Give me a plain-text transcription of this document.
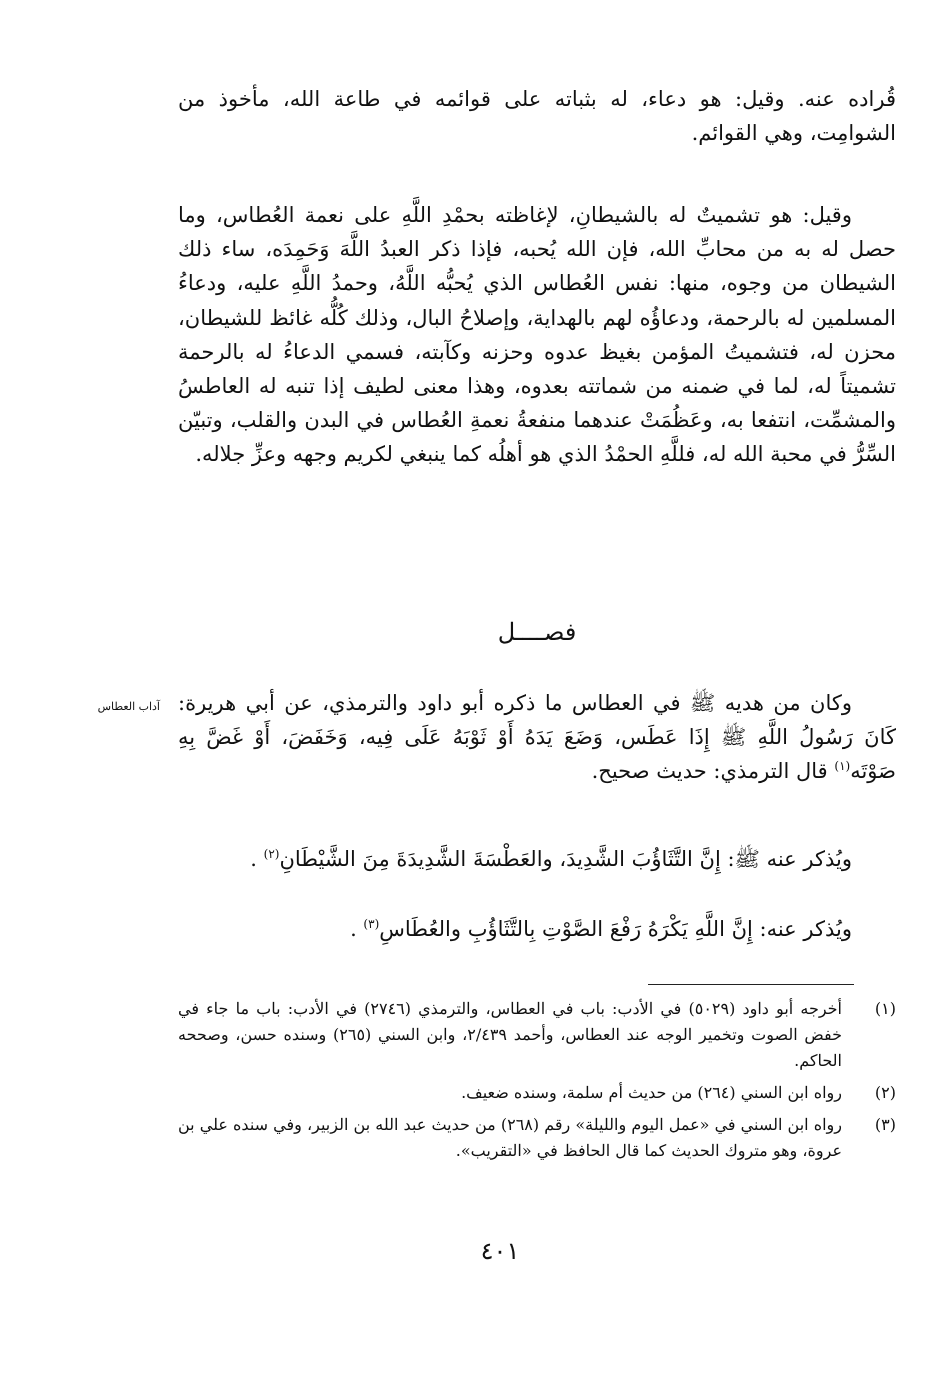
قُراده عنه. وقيل: هو دعاء، له بثباته على قوائمه في طاعة الله، مأخوذ من الشوامِت، وهي القوائم.

وقيل: هو تشميتٌ له بالشيطانِ، لإغاظته بحمْدِ اللَّهِ على نعمة العُطاس، وما حصل له به من محابِّ الله، فإن الله يُحبه، فإذا ذكر العبدُ اللَّهَ وَحَمِدَه، ساء ذلك الشيطان من وجوه، منها: نفس العُطاس الذي يُحبُّه اللَّهُ، وحمدُ اللَّهِ عليه، ودعاءُ المسلمين له بالرحمة، ودعاؤُه لهم بالهداية، وإصلاحُ البال، وذلك كُلُّه غائظ للشيطان، محزن له، فتشميتُ المؤمن بغيظ عدوه وحزنه وكآبته، فسمي الدعاءُ له بالرحمة تشميتاً له، لما في ضمنه من شماتته بعدوه، وهذا معنى لطيف إذا تنبه له العاطسُ والمشمِّت، انتفعا به، وعَظُمَتْ عندهما منفعةُ نعمةِ العُطاس في البدن والقلب، وتبيّن السِّرُّ في محبة الله له، فللَّهِ الحمْدُ الذي هو أهلُه كما ينبغي لكريم وجهه وعزِّ جلاله.

فصــــل
آداب العطاس وكان من هديه ﷺ في العطاس ما ذكره أبو داود والترمذي، عن أبي هريرة: كَانَ رَسُولُ اللَّهِ ﷺ إِذَا عَطَس، وَضَعَ يَدَهُ أَوْ ثَوْبَهُ عَلَى فِيه، وَخَفَضَ، أَوْ غَضَّ بِهِ صَوْتَه$^{(١)}$ قال الترمذي: حديث صحيح.

ويُذكر عنه ﷺ: إِنَّ التَّثَاؤُبَ الشَّدِيدَ، والعَطْسَةَ الشَّدِيدَةَ مِنَ الشَّيْطَانِ$^{(٢)}$ .

ويُذكر عنه: إِنَّ اللَّهِ يَكْرَهُ رَفْعَ الصَّوْتِ بِالتَّثَاؤُبِ والعُطَاسِ$^{(٣)}$ .

(١)
أخرجه أبو داود (٥٠٢٩) في الأدب: باب في العطاس، والترمذي (٢٧٤٦) في الأدب: باب ما جاء في خفض الصوت وتخمير الوجه عند العطاس، وأحمد ٢/٤٣٩، وابن السني (٢٦٥) وسنده حسن، وصححه الحاكم.

(٢)
رواه ابن السني (٢٦٤) من حديث أم سلمة، وسنده ضعيف.

(٣)
رواه ابن السني في «عمل اليوم والليلة» رقم (٢٦٨) من حديث عبد الله بن الزبير، وفي سنده علي بن عروة، وهو متروك الحديث كما قال الحافظ في «التقريب».

٤٠١
